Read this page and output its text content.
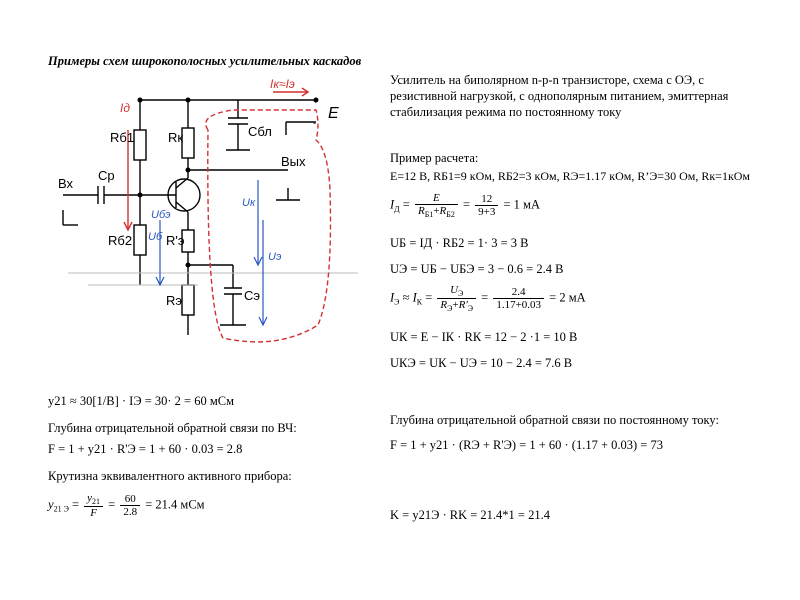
Примеры схем широкополосных усилительных каскадов
Rб1	Rк	Cбл
Вых
Вх
Cр
Rб2	R'э
Rэ	Cэ
E
+
-
Iд
Iк≈Iэ
Uб
Uбэ
Uк
Uэ
Усилитель на биполярном n-p-n транзисторе, схема с ОЭ, с резистивной нагрузкой, с однополярным питанием, эмиттерная стабилизация режима по постоянному току
Пример расчета:
E=12 В, RБ1=9 кОм, RБ2=3 кОм, RЭ=1.17 кОм, R’Э=30 Ом, Rк=1кОм
$I_Д = \frac{E}{R_{Б1}+R_{Б2}} = \frac{12}{9+3} = 1$ мА
UБ = IД · RБ2 = 1· 3 = 3 В
UЭ = UБ − UБЭ = 3 − 0.6 = 2.4 В
$I_Э \approx I_К = \frac{U_Э}{R_Э+R'_Э} = \frac{2.4}{1.17+0.03} = 2$ мА
UК = E − IК · RК = 12 − 2 ·1 = 10 В
UКЭ = UК − UЭ = 10 − 2.4 = 7.6 В
y21 ≈ 30[1/В] · IЭ = 30· 2 = 60 мСм
Глубина отрицательной обратной связи по ВЧ:
F = 1 + y21 · R'Э = 1 + 60 · 0.03 = 2.8
Крутизна эквивалентного активного прибора:
$y_{21 Э} = \frac{y_{21}}{F} = \frac{60}{2.8} = 21.4$ мСм
Глубина отрицательной обратной связи по постоянному току:
F = 1 + y21 · (RЭ + R'Э) = 1 + 60 · (1.17 + 0.03) = 73
K = y21Э · RK = 21.4*1 = 21.4
